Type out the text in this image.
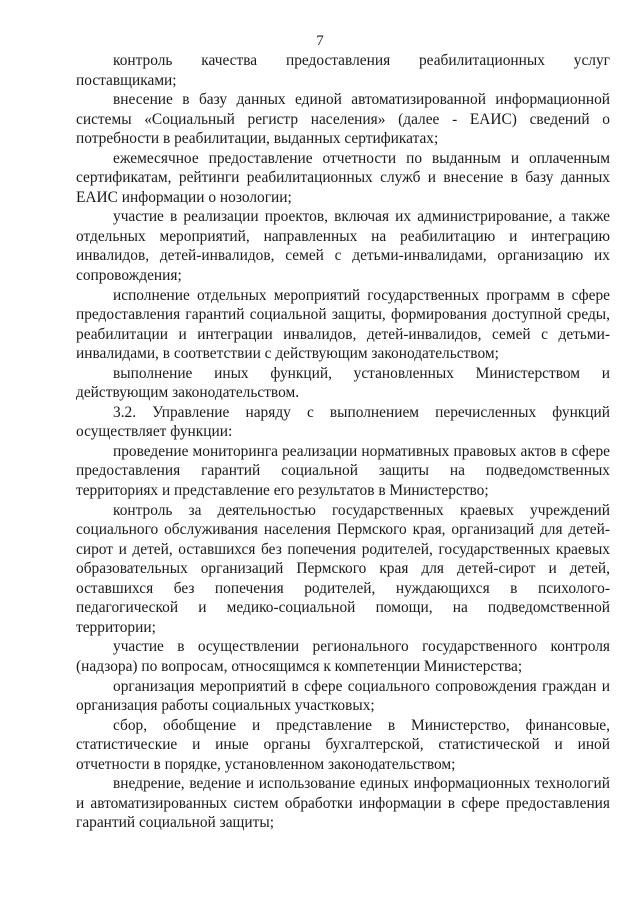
7

контроль качества предоставления реабилитационных услуг поставщиками;

внесение в базу данных единой автоматизированной информационной системы «Социальный регистр населения» (далее - ЕАИС) сведений о потребности в реабилитации, выданных сертификатах;

ежемесячное предоставление отчетности по выданным и оплаченным сертификатам, рейтинги реабилитационных служб и внесение в базу данных ЕАИС информации о нозологии;

участие в реализации проектов, включая их администрирование, а также отдельных мероприятий, направленных на реабилитацию и интеграцию инвалидов, детей-инвалидов, семей с детьми-инвалидами, организацию их сопровождения;

исполнение отдельных мероприятий государственных программ в сфере предоставления гарантий социальной защиты, формирования доступной среды, реабилитации и интеграции инвалидов, детей-инвалидов, семей с детьми-инвалидами, в соответствии с действующим законодательством;

выполнение иных функций, установленных Министерством и действующим законодательством.

3.2. Управление наряду с выполнением перечисленных функций осуществляет функции:

проведение мониторинга реализации нормативных правовых актов в сфере предоставления гарантий социальной защиты на подведомственных территориях и представление его результатов в Министерство;

контроль за деятельностью государственных краевых учреждений социального обслуживания населения Пермского края, организаций для детей-сирот и детей, оставшихся без попечения родителей, государственных краевых образовательных организаций Пермского края для детей-сирот и детей, оставшихся без попечения родителей, нуждающихся в психолого-педагогической и медико-социальной помощи, на подведомственной территории;

участие в осуществлении регионального государственного контроля (надзора) по вопросам, относящимся к компетенции Министерства;

организация мероприятий в сфере социального сопровождения граждан и организация работы социальных участковых;

сбор, обобщение и представление в Министерство, финансовые, статистические и иные органы бухгалтерской, статистической и иной отчетности в порядке, установленном законодательством;

внедрение, ведение и использование единых информационных технологий и автоматизированных систем обработки информации в сфере предоставления гарантий социальной защиты;
